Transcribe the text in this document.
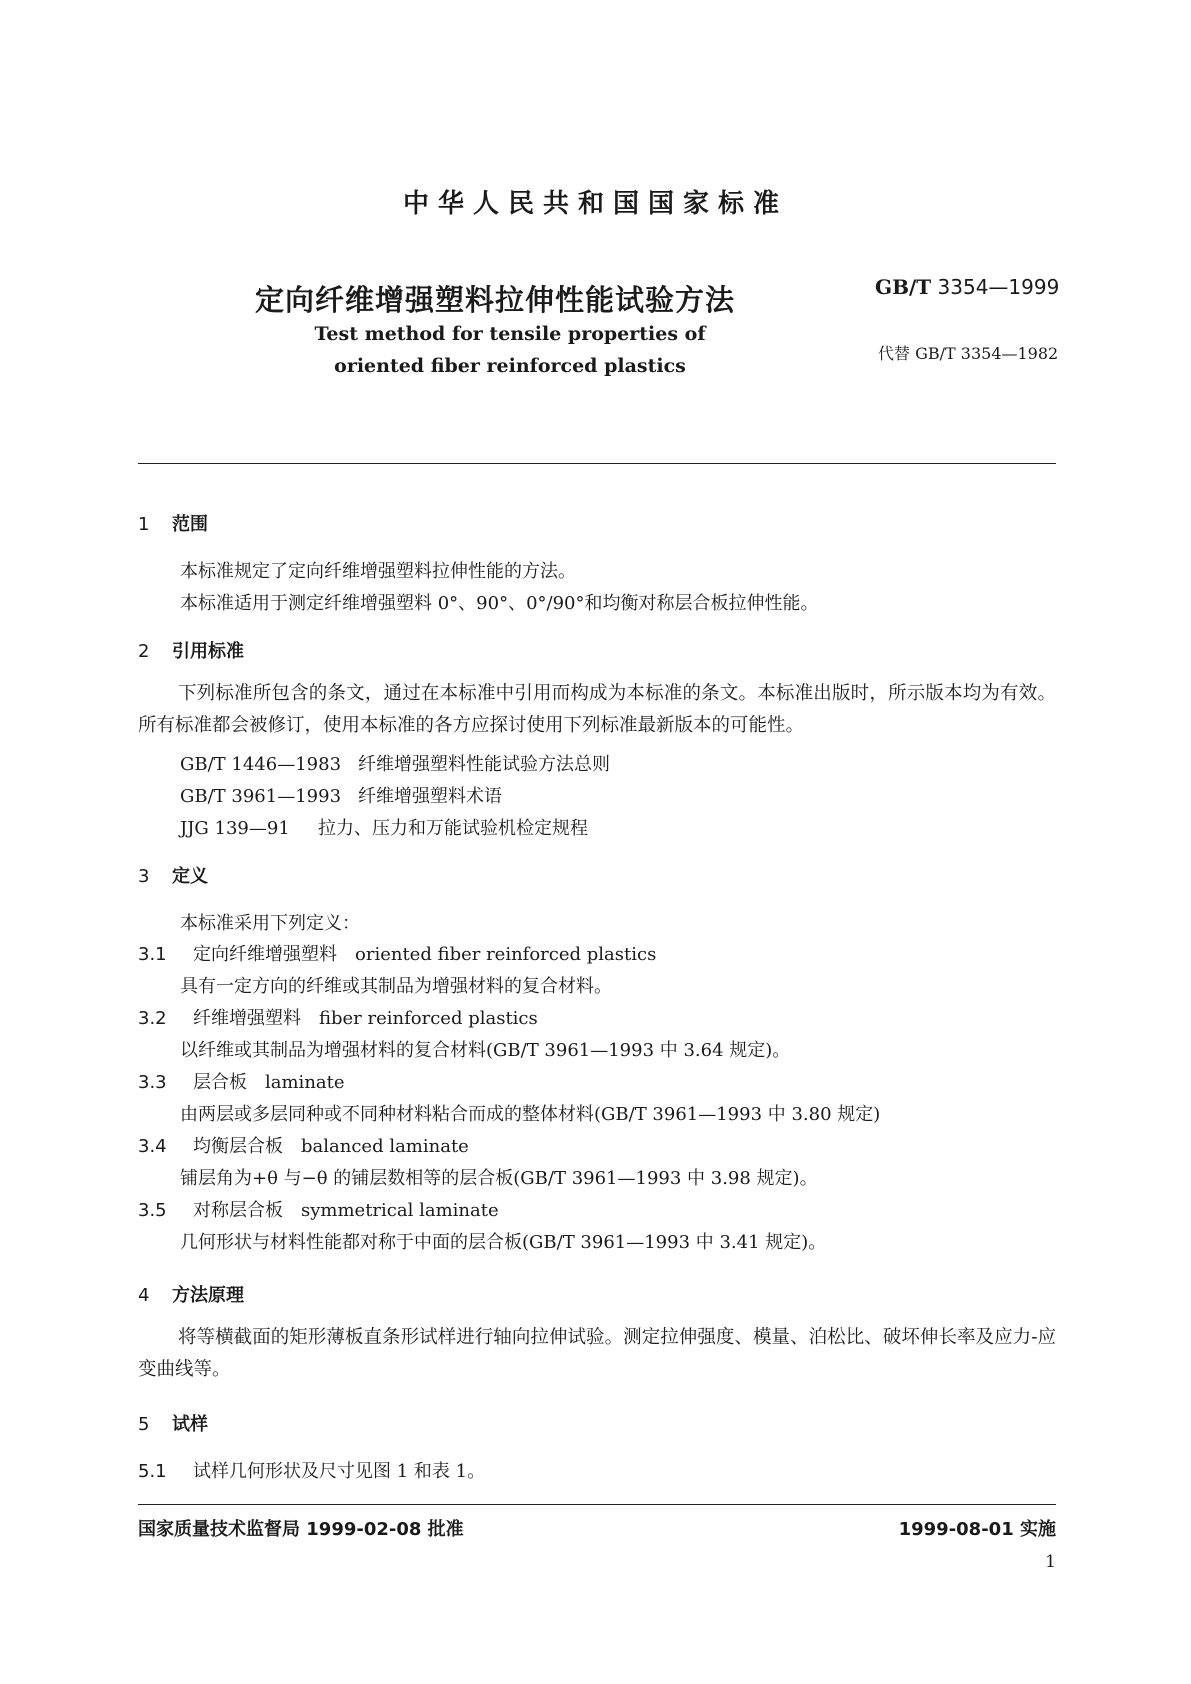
中华人民共和国国家标准
定向纤维增强塑料拉伸性能试验方法	GB/T 3354—1999
Test method for tensile properties of
oriented fiber reinforced plastics
代替 GB/T 3354—1982
1 范围
本标准规定了定向纤维增强塑料拉伸性能的方法。
本标准适用于测定纤维增强塑料 0°、90°、0°/90°和均衡对称层合板拉伸性能。
2 引用标准
下列标准所包含的条文，通过在本标准中引用而构成为本标准的条文。本标准出版时，所示版本均为有效。所有标准都会被修订，使用本标准的各方应探讨使用下列标准最新版本的可能性。
GB/T 1446—1983 纤维增强塑料性能试验方法总则
GB/T 3961—1993 纤维增强塑料术语
JJG 139—91 拉力、压力和万能试验机检定规程
3 定义
本标准采用下列定义：
3.1 定向纤维增强塑料 oriented fiber reinforced plastics
具有一定方向的纤维或其制品为增强材料的复合材料。
3.2 纤维增强塑料 fiber reinforced plastics
以纤维或其制品为增强材料的复合材料(GB/T 3961—1993 中 3.64 规定)。
3.3 层合板 laminate
由两层或多层同种或不同种材料粘合而成的整体材料(GB/T 3961—1993 中 3.80 规定)
3.4 均衡层合板 balanced laminate
铺层角为+θ 与−θ 的铺层数相等的层合板(GB/T 3961—1993 中 3.98 规定)。
3.5 对称层合板 symmetrical laminate
几何形状与材料性能都对称于中面的层合板(GB/T 3961—1993 中 3.41 规定)。
4 方法原理
将等横截面的矩形薄板直条形试样进行轴向拉伸试验。测定拉伸强度、模量、泊松比、破坏伸长率及应力-应变曲线等。
5 试样
5.1 试样几何形状及尺寸见图 1 和表 1。
国家质量技术监督局 1999-02-08 批准	1999-08-01 实施
1
